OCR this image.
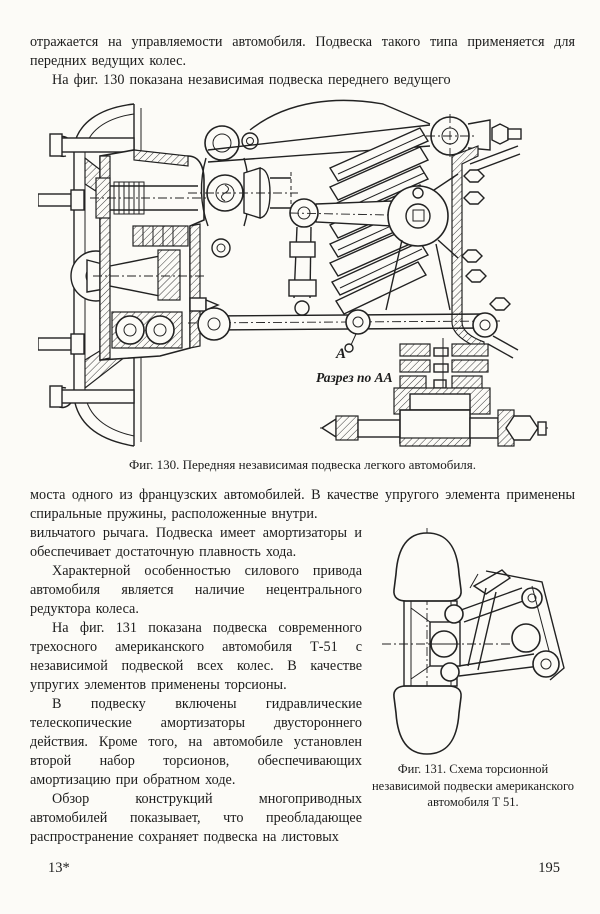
отражается на управляемости автомобиля. Подвеска такого типа применяется для передних ведущих колес.

На фиг. 130 показана независимая подвеска переднего ведущего

А
Разрез по АА
Фиг. 130. Передняя независимая подвеска легкого автомобиля.

моста одного из французских автомобилей. В качестве упругого элемента применены спиральные пружины, расположенные внутри.

Фиг. 131. Схема торсионной независимой подвески американского автомобиля Т 51.

вильчатого рычага. Подвеска имеет амортизаторы и обеспечивает достаточную плавность хода.

Характерной особенностью силового привода автомобиля является наличие нецентрального редуктора колеса.

На фиг. 131 показана подвеска современного трехосного американского автомобиля Т-51 с независимой подвеской всех колес. В качестве упругих элементов применены торсионы.

В подвеску включены гидравлические телескопические амортизаторы двустороннего действия. Кроме того, на автомобиле установлен второй набор торсионов, обеспечивающих амортизацию при обратном ходе.

Обзор конструкций многоприводных автомобилей показывает, что преобладающее распространение сохраняет подвеска на листовых

13*	195
